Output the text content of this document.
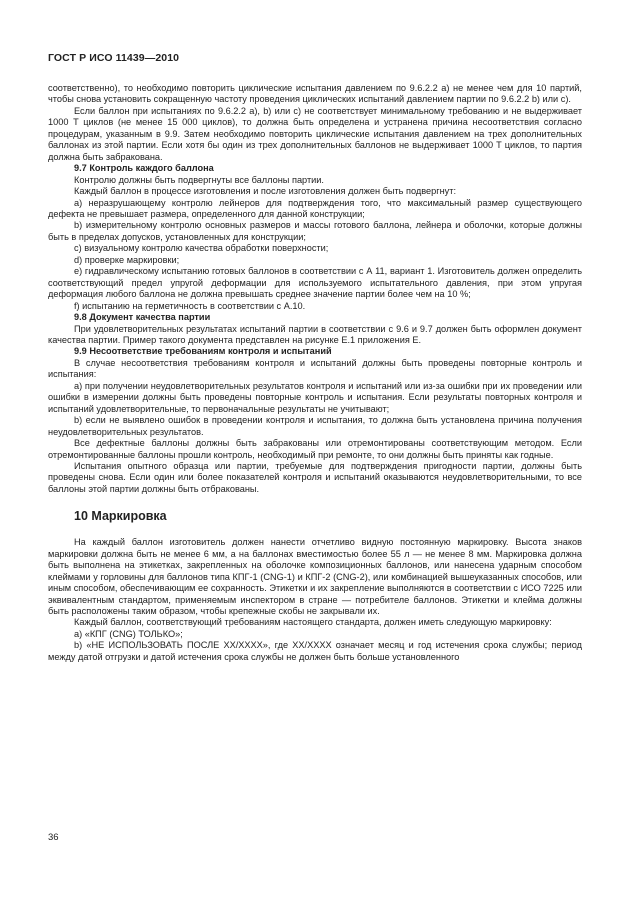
ГОСТ Р ИСО 11439—2010
соответственно), то необходимо повторить циклические испытания давлением по 9.6.2.2 а) не менее чем для 10 партий, чтобы снова установить сокращенную частоту проведения циклических испытаний давлением партии по 9.6.2.2 b) или с).
Если баллон при испытаниях по 9.6.2.2 а), b) или с) не соответствует минимальному требованию и не выдерживает 1000 T циклов (не менее 15 000 циклов), то должна быть определена и устранена причина несоответствия согласно процедурам, указанным в 9.9. Затем необходимо повторить циклические испытания давлением на трех дополнительных баллонах из этой партии. Если хотя бы один из трех дополнительных баллонов не выдерживает 1000 T циклов, то партия должна быть забракована.
9.7 Контроль каждого баллона
Контролю должны быть подвергнуты все баллоны партии.
Каждый баллон в процессе изготовления и после изготовления должен быть подвергнут:
а) неразрушающему контролю лейнеров для подтверждения того, что максимальный размер существующего дефекта не превышает размера, определенного для данной конструкции;
b) измерительному контролю основных размеров и массы готового баллона, лейнера и оболочки, которые должны быть в пределах допусков, установленных для конструкции;
с) визуальному контролю качества обработки поверхности;
d) проверке маркировки;
е) гидравлическому испытанию готовых баллонов в соответствии с А 11, вариант 1. Изготовитель должен определить соответствующий предел упругой деформации для используемого испытательного давления, при этом упругая деформация любого баллона не должна превышать среднее значение партии более чем на 10 %;
f) испытанию на герметичность в соответствии с А.10.
9.8 Документ качества партии
При удовлетворительных результатах испытаний партии в соответствии с 9.6 и 9.7 должен быть оформлен документ качества партии. Пример такого документа представлен на рисунке Е.1 приложения Е.
9.9 Несоответствие требованиям контроля и испытаний
В случае несоответствия требованиям контроля и испытаний должны быть проведены повторные контроль и испытания:
а) при получении неудовлетворительных результатов контроля и испытаний или из-за ошибки при их проведении или ошибки в измерении должны быть проведены повторные контроль и испытания. Если результаты повторных контроля и испытаний удовлетворительные, то первоначальные результаты не учитывают;
b) если не выявлено ошибок в проведении контроля и испытания, то должна быть установлена причина получения неудовлетворительных результатов.
Все дефектные баллоны должны быть забракованы или отремонтированы соответствующим методом. Если отремонтированные баллоны прошли контроль, необходимый при ремонте, то они должны быть приняты как годные.
Испытания опытного образца или партии, требуемые для подтверждения пригодности партии, должны быть проведены снова. Если один или более показателей контроля и испытаний оказываются неудовлетворительными, то все баллоны этой партии должны быть отбракованы.
10 Маркировка
На каждый баллон изготовитель должен нанести отчетливо видную постоянную маркировку. Высота знаков маркировки должна быть не менее 6 мм, а на баллонах вместимостью более 55 л — не менее 8 мм. Маркировка должна быть выполнена на этикетках, закрепленных на оболочке композиционных баллонов, или нанесена ударным способом клеймами у горловины для баллонов типа КПГ-1 (CNG-1) и КПГ-2 (CNG-2), или комбинацией вышеуказанных способов, или иным способом, обеспечивающим ее сохранность. Этикетки и их закрепление выполняются в соответствии с ИСО 7225 или эквивалентным стандартом, применяемым инспектором в стране — потребителе баллонов. Этикетки и клейма должны быть расположены таким образом, чтобы крепежные скобы не закрывали их.
Каждый баллон, соответствующий требованиям настоящего стандарта, должен иметь следующую маркировку:
а) «КПГ (CNG) ТОЛЬКО»;
b) «НЕ ИСПОЛЬЗОВАТЬ ПОСЛЕ ХХ/ХХХХ», где ХХ/ХХХХ означает месяц и год истечения срока службы; период между датой отгрузки и датой истечения срока службы не должен быть больше установленного
36
